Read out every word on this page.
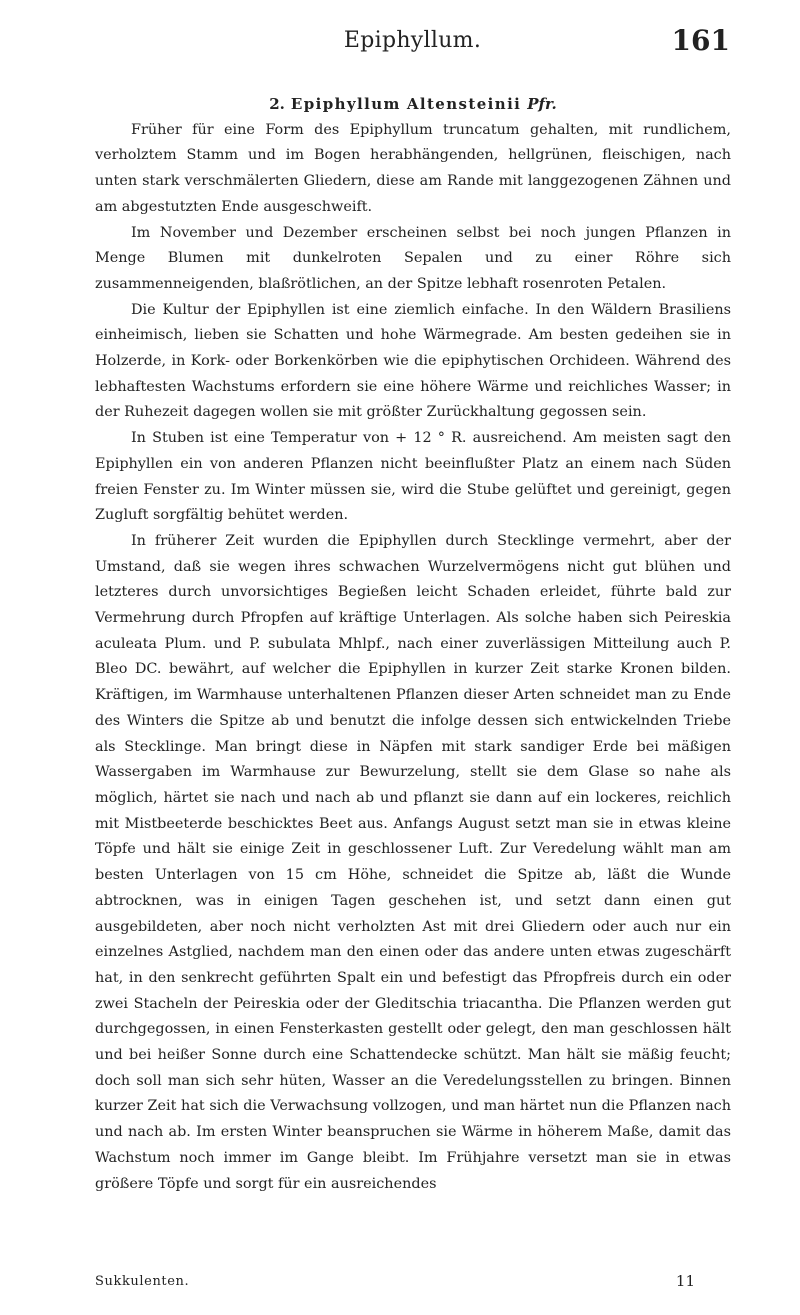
Epiphyllum.	161
2. Epiphyllum Altensteinii Pfr.

Früher für eine Form des Epiphyllum truncatum gehalten, mit rundlichem, verholztem Stamm und im Bogen herabhängenden, hellgrünen, fleischigen, nach unten stark verschmälerten Gliedern, diese am Rande mit langgezogenen Zähnen und am abgestutzten Ende ausgeschweift.

Im November und Dezember erscheinen selbst bei noch jungen Pflanzen in Menge Blumen mit dunkelroten Sepalen und zu einer Röhre sich zusammenneigenden, blaßrötlichen, an der Spitze lebhaft rosenroten Petalen.

Die Kultur der Epiphyllen ist eine ziemlich einfache. In den Wäldern Brasiliens einheimisch, lieben sie Schatten und hohe Wärmegrade. Am besten gedeihen sie in Holzerde, in Kork- oder Borkenkörben wie die epiphytischen Orchideen. Während des lebhaftesten Wachstums erfordern sie eine höhere Wärme und reichliches Wasser; in der Ruhezeit dagegen wollen sie mit größter Zurückhaltung gegossen sein.

In Stuben ist eine Temperatur von + 12 ° R. ausreichend. Am meisten sagt den Epiphyllen ein von anderen Pflanzen nicht beeinflußter Platz an einem nach Süden freien Fenster zu. Im Winter müssen sie, wird die Stube gelüftet und gereinigt, gegen Zugluft sorgfältig behütet werden.

In früherer Zeit wurden die Epiphyllen durch Stecklinge vermehrt, aber der Umstand, daß sie wegen ihres schwachen Wurzelvermögens nicht gut blühen und letzteres durch unvorsichtiges Begießen leicht Schaden erleidet, führte bald zur Vermehrung durch Pfropfen auf kräftige Unterlagen. Als solche haben sich Peireskia aculeata Plum. und P. subulata Mhlpf., nach einer zuverlässigen Mitteilung auch P. Bleo DC. bewährt, auf welcher die Epiphyllen in kurzer Zeit starke Kronen bilden. Kräftigen, im Warmhause unterhaltenen Pflanzen dieser Arten schneidet man zu Ende des Winters die Spitze ab und benutzt die infolge dessen sich entwickelnden Triebe als Stecklinge. Man bringt diese in Näpfen mit stark sandiger Erde bei mäßigen Wassergaben im Warmhause zur Bewurzelung, stellt sie dem Glase so nahe als möglich, härtet sie nach und nach ab und pflanzt sie dann auf ein lockeres, reichlich mit Mistbeeterde beschicktes Beet aus. Anfangs August setzt man sie in etwas kleine Töpfe und hält sie einige Zeit in geschlossener Luft. Zur Veredelung wählt man am besten Unterlagen von 15 cm Höhe, schneidet die Spitze ab, läßt die Wunde abtrocknen, was in einigen Tagen geschehen ist, und setzt dann einen gut ausgebildeten, aber noch nicht verholzten Ast mit drei Gliedern oder auch nur ein einzelnes Astglied, nachdem man den einen oder das andere unten etwas zugeschärft hat, in den senkrecht geführten Spalt ein und befestigt das Pfropfreis durch ein oder zwei Stacheln der Peireskia oder der Gleditschia triacantha. Die Pflanzen werden gut durchgegossen, in einen Fensterkasten gestellt oder gelegt, den man geschlossen hält und bei heißer Sonne durch eine Schattendecke schützt. Man hält sie mäßig feucht; doch soll man sich sehr hüten, Wasser an die Veredelungsstellen zu bringen. Binnen kurzer Zeit hat sich die Verwachsung vollzogen, und man härtet nun die Pflanzen nach und nach ab. Im ersten Winter beanspruchen sie Wärme in höherem Maße, damit das Wachstum noch immer im Gange bleibt. Im Frühjahre versetzt man sie in etwas größere Töpfe und sorgt für ein ausreichendes

Sukkulenten.	11
